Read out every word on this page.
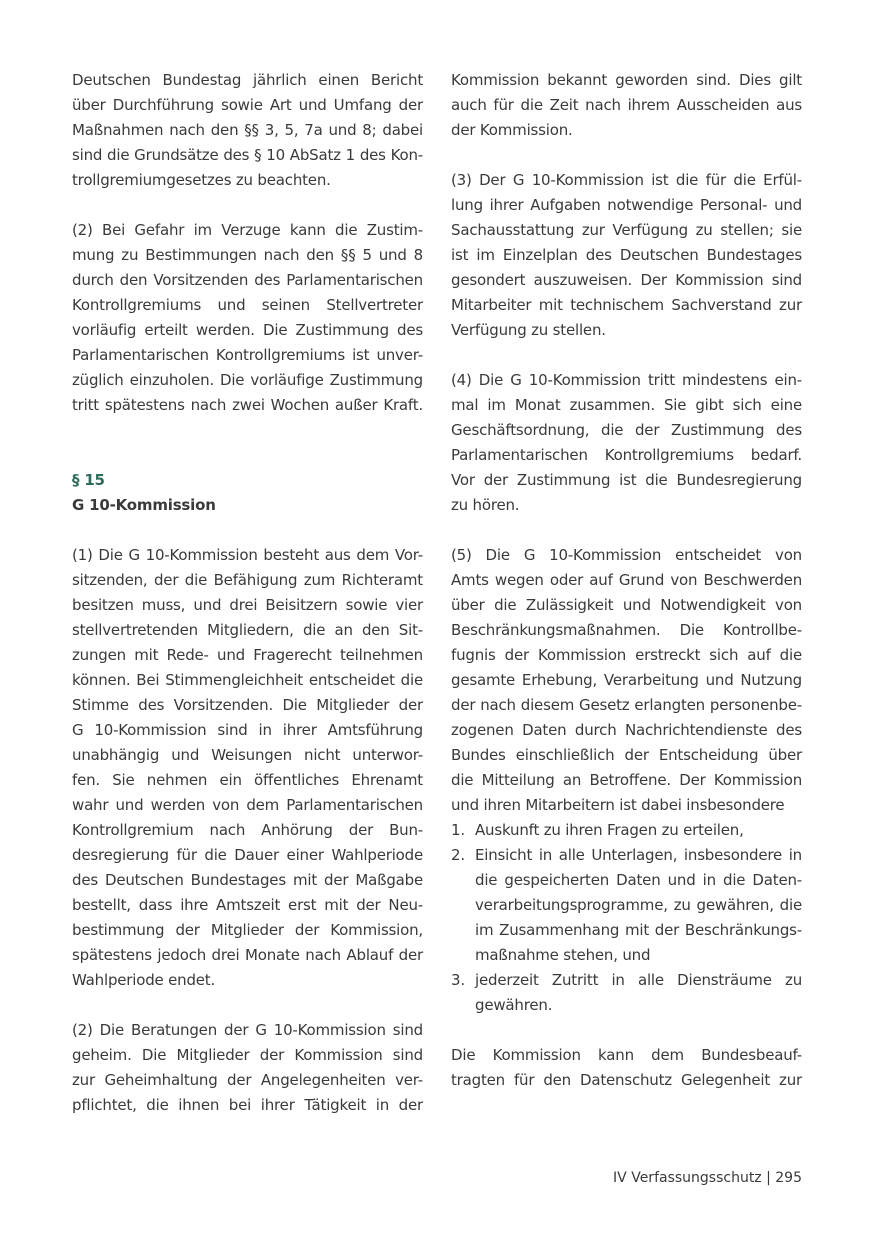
Deutschen Bundestag jährlich einen Bericht
über Durchführung sowie Art und Umfang der
Maßnahmen nach den §§ 3, 5, 7a und 8; dabei
sind die Grundsätze des § 10 AbSatz 1 des Kon-
trollgremiumgesetzes zu beachten.
(2) Bei Gefahr im Verzuge kann die Zustim-
mung zu Bestimmungen nach den §§ 5 und 8
durch den Vorsitzenden des Parlamentarischen
Kontrollgremiums und seinen Stellvertreter
vorläufig erteilt werden. Die Zustimmung des
Parlamentarischen Kontrollgremiums ist unver-
züglich einzuholen. Die vorläufige Zustimmung
tritt spätestens nach zwei Wochen außer Kraft.
§ 15
G 10-Kommission
(1) Die G 10-Kommission besteht aus dem Vor-
sitzenden, der die Befähigung zum Richteramt
besitzen muss, und drei Beisitzern sowie vier
stellvertretenden Mitgliedern, die an den Sit-
zungen mit Rede- und Fragerecht teilnehmen
können. Bei Stimmengleichheit entscheidet die
Stimme des Vorsitzenden. Die Mitglieder der
G 10-Kommission sind in ihrer Amtsführung
unabhängig und Weisungen nicht unterwor-
fen. Sie nehmen ein öffentliches Ehrenamt
wahr und werden von dem Parlamentarischen
Kontrollgremium nach Anhörung der Bun-
desregierung für die Dauer einer Wahlperiode
des Deutschen Bundestages mit der Maßgabe
bestellt, dass ihre Amtszeit erst mit der Neu-
bestimmung der Mitglieder der Kommission,
spätestens jedoch drei Monate nach Ablauf der
Wahlperiode endet.
(2) Die Beratungen der G 10-Kommission sind
geheim. Die Mitglieder der Kommission sind
zur Geheimhaltung der Angelegenheiten ver-
pflichtet, die ihnen bei ihrer Tätigkeit in der
Kommission bekannt geworden sind. Dies gilt
auch für die Zeit nach ihrem Ausscheiden aus
der Kommission.
(3) Der G 10-Kommission ist die für die Erfül-
lung ihrer Aufgaben notwendige Personal- und
Sachausstattung zur Verfügung zu stellen; sie
ist im Einzelplan des Deutschen Bundestages
gesondert auszuweisen. Der Kommission sind
Mitarbeiter mit technischem Sachverstand zur
Verfügung zu stellen.
(4) Die G 10-Kommission tritt mindestens ein-
mal im Monat zusammen. Sie gibt sich eine
Geschäftsordnung, die der Zustimmung des
Parlamentarischen Kontrollgremiums bedarf.
Vor der Zustimmung ist die Bundesregierung
zu hören.
(5) Die G 10-Kommission entscheidet von
Amts wegen oder auf Grund von Beschwerden
über die Zulässigkeit und Notwendigkeit von
Beschränkungsmaßnahmen. Die Kontrollbe-
fugnis der Kommission erstreckt sich auf die
gesamte Erhebung, Verarbeitung und Nutzung
der nach diesem Gesetz erlangten personenbe-
zogenen Daten durch Nachrichtendienste des
Bundes einschließlich der Entscheidung über
die Mitteilung an Betroffene. Der Kommission
und ihren Mitarbeitern ist dabei insbesondere
1. Auskunft zu ihren Fragen zu erteilen,
2. Einsicht in alle Unterlagen, insbesondere in
die gespeicherten Daten und in die Daten-
verarbeitungsprogramme, zu gewähren, die
im Zusammenhang mit der Beschränkungs-
maßnahme stehen, und
3. jederzeit Zutritt in alle Diensträume zu
gewähren.
Die Kommission kann dem Bundesbeauf-
tragten für den Datenschutz Gelegenheit zur
IV Verfassungsschutz | 295
